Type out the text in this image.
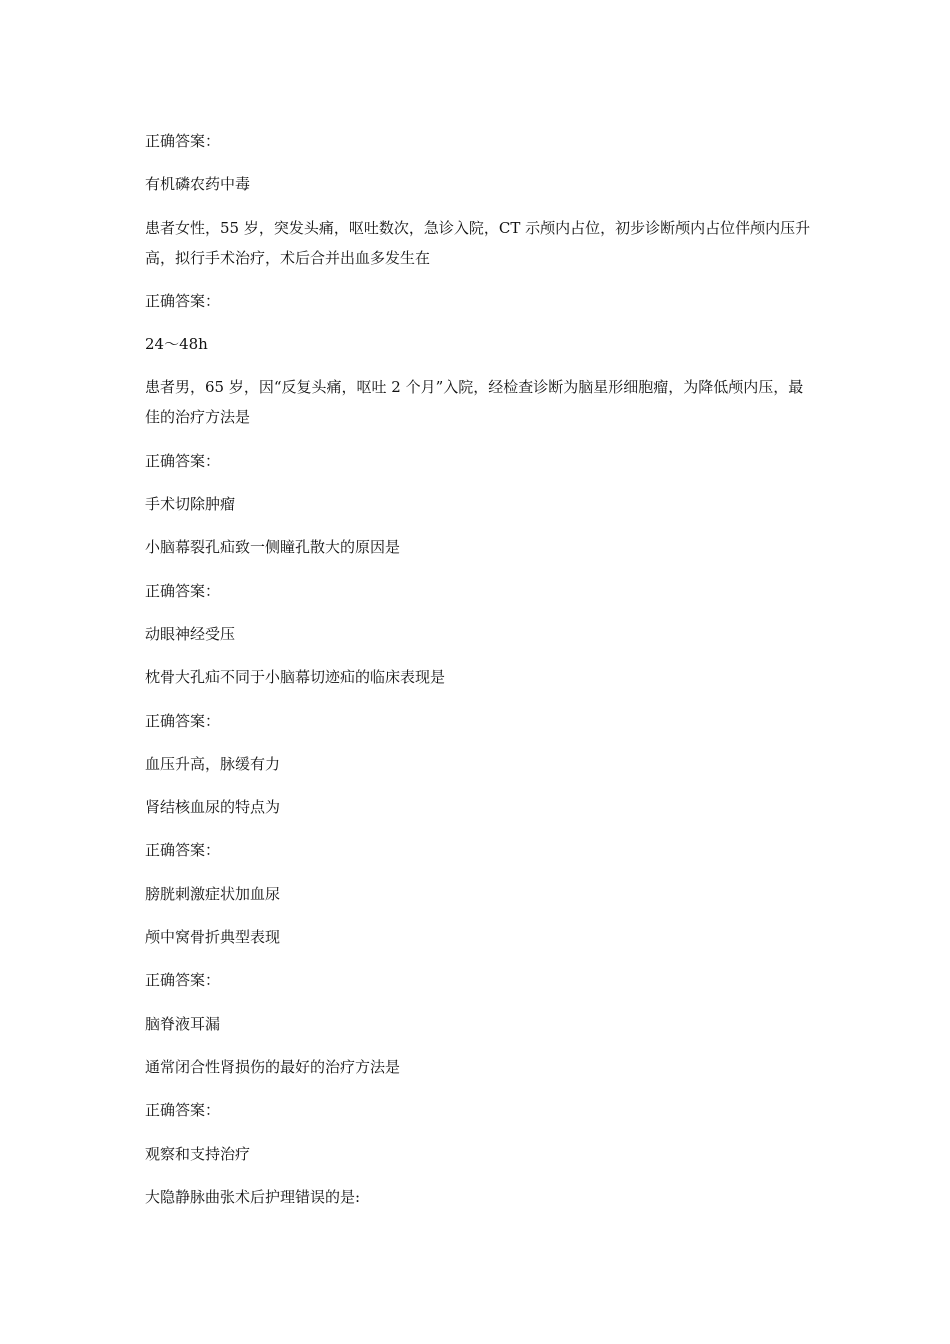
正确答案：

有机磷农药中毒

患者女性，55 岁，突发头痛，呕吐数次，急诊入院，CT 示颅内占位，初步诊断颅内占位伴颅内压升高，拟行手术治疗，术后合并出血多发生在

正确答案：

24～48h

患者男，65 岁，因“反复头痛，呕吐 2 个月”入院，经检查诊断为脑星形细胞瘤，为降低颅内压，最佳的治疗方法是

正确答案：

手术切除肿瘤

小脑幕裂孔疝致一侧瞳孔散大的原因是

正确答案：

动眼神经受压

枕骨大孔疝不同于小脑幕切迹疝的临床表现是

正确答案：

血压升高，脉缓有力

肾结核血尿的特点为

正确答案：

膀胱刺激症状加血尿

颅中窝骨折典型表现

正确答案：

脑脊液耳漏

通常闭合性肾损伤的最好的治疗方法是

正确答案：

观察和支持治疗

大隐静脉曲张术后护理错误的是:
